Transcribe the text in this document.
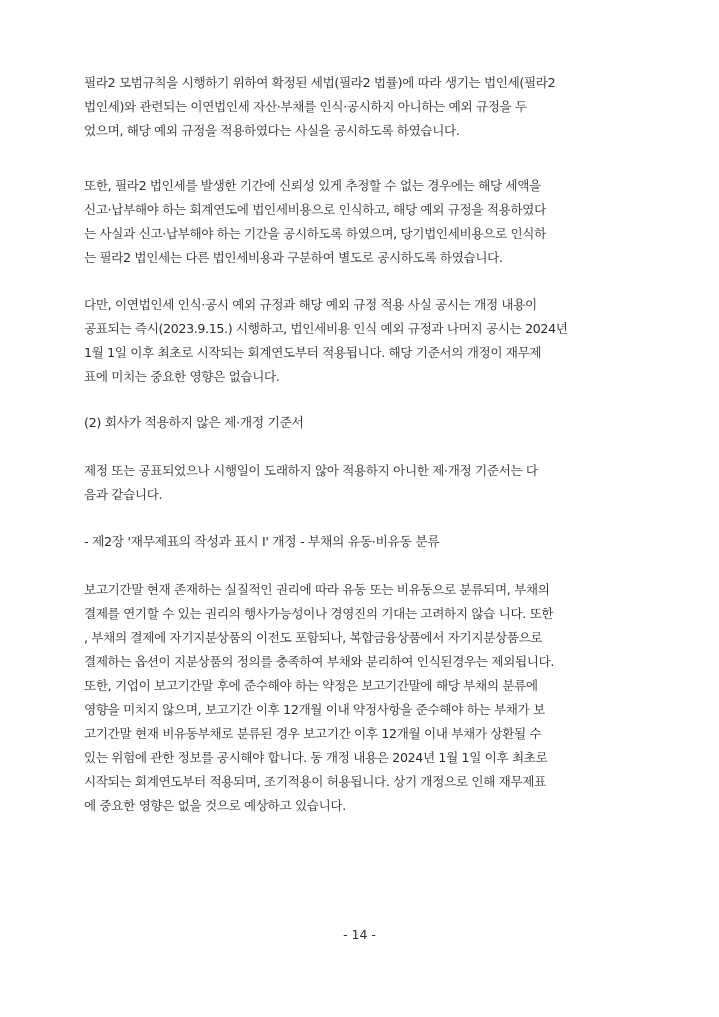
필라2 모범규칙을 시행하기 위하여 확정된 세법(필라2 법률)에 따라 생기는 법인세(필라2
법인세)와 관련되는 이연법인세 자산·부채를 인식·공시하지 아니하는 예외 규정을 두
었으며, 해당 예외 규정을 적용하였다는 사실을 공시하도록 하였습니다.
또한, 필라2 법인세를 발생한 기간에 신뢰성 있게 추정할 수 없는 경우에는 해당 세액을
신고·납부해야 하는 회계연도에 법인세비용으로 인식하고, 해당 예외 규정을 적용하였다
는 사실과 신고·납부해야 하는 기간을 공시하도록 하였으며, 당기법인세비용으로 인식하
는 필라2 법인세는 다른 법인세비용과 구분하여 별도로 공시하도록 하였습니다.
다만, 이연법인세 인식·공시 예외 규정과 해당 예외 규정 적용 사실 공시는 개정 내용이
공표되는 즉시(2023.9.15.) 시행하고, 법인세비용 인식 예외 규정과 나머지 공시는 2024년
1월 1일 이후 최초로 시작되는 회계연도부터 적용됩니다. 해당 기준서의 개정이 재무제
표에 미치는 중요한 영향은 없습니다.
(2) 회사가 적용하지 않은 제·개정 기준서
제정 또는 공표되었으나 시행일이 도래하지 않아 적용하지 아니한 제·개정 기준서는 다
음과 같습니다.
- 제2장 '재무제표의 작성과 표시 Ⅰ' 개정 - 부채의 유동·비유동 분류
보고기간말 현재 존재하는 실질적인 권리에 따라 유동 또는 비유동으로 분류되며, 부채의
결제를 연기할 수 있는 권리의 행사가능성이나 경영진의 기대는 고려하지 않습 니다. 또한
, 부채의 결제에 자기지분상품의 이전도 포함되나, 복합금융상품에서 자기지분상품으로
결제하는 옵션이 지분상품의 정의를 충족하여 부채와 분리하여 인식된경우는 제외됩니다.
또한, 기업이 보고기간말 후에 준수해야 하는 약정은 보고기간말에 해당 부채의 분류에
영향을 미치지 않으며, 보고기간 이후 12개월 이내 약정사항을 준수해야 하는 부채가 보
고기간말 현재 비유동부채로 분류된 경우 보고기간 이후 12개월 이내 부채가 상환될 수
있는 위험에 관한 정보를 공시해야 합니다. 동 개정 내용은 2024년 1월 1일 이후 최초로
시작되는 회계연도부터 적용되며, 조기적용이 허용됩니다. 상기 개정으로 인해 재무제표
에 중요한 영향은 없을 것으로 예상하고 있습니다.
- 14 -
